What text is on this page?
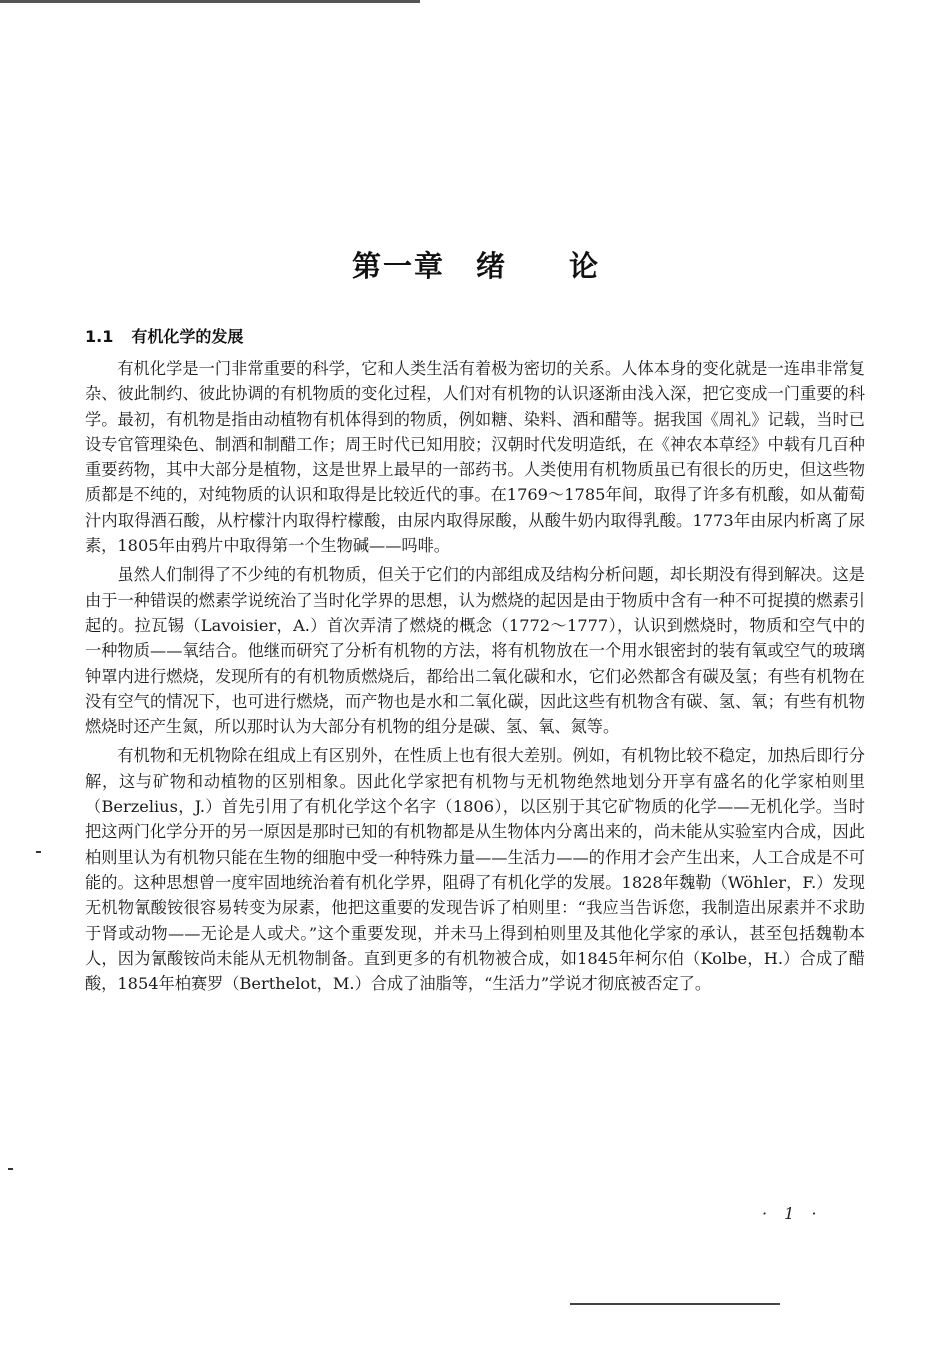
第一章　绪　　论
1.1 有机化学的发展

有机化学是一门非常重要的科学，它和人类生活有着极为密切的关系。人体本身的变化就是一连串非常复杂、彼此制约、彼此协调的有机物质的变化过程，人们对有机物的认识逐渐由浅入深，把它变成一门重要的科学。最初，有机物是指由动植物有机体得到的物质，例如糖、染料、酒和醋等。据我国《周礼》记载，当时已设专官管理染色、制酒和制醋工作；周王时代已知用胶；汉朝时代发明造纸，在《神农本草经》中载有几百种重要药物，其中大部分是植物，这是世界上最早的一部药书。人类使用有机物质虽已有很长的历史，但这些物质都是不纯的，对纯物质的认识和取得是比较近代的事。在1769～1785年间，取得了许多有机酸，如从葡萄汁内取得酒石酸，从柠檬汁内取得柠檬酸，由尿内取得尿酸，从酸牛奶内取得乳酸。1773年由尿内析离了尿素，1805年由鸦片中取得第一个生物碱——吗啡。

虽然人们制得了不少纯的有机物质，但关于它们的内部组成及结构分析问题，却长期没有得到解决。这是由于一种错误的燃素学说统治了当时化学界的思想，认为燃烧的起因是由于物质中含有一种不可捉摸的燃素引起的。拉瓦锡（Lavoisier，A.）首次弄清了燃烧的概念（1772～1777），认识到燃烧时，物质和空气中的一种物质——氧结合。他继而研究了分析有机物的方法，将有机物放在一个用水银密封的装有氧或空气的玻璃钟罩内进行燃烧，发现所有的有机物质燃烧后，都给出二氧化碳和水，它们必然都含有碳及氢；有些有机物在没有空气的情况下，也可进行燃烧，而产物也是水和二氧化碳，因此这些有机物含有碳、氢、氧；有些有机物燃烧时还产生氮，所以那时认为大部分有机物的组分是碳、氢、氧、氮等。

有机物和无机物除在组成上有区别外，在性质上也有很大差别。例如，有机物比较不稳定，加热后即行分解，这与矿物和动植物的区别相象。因此化学家把有机物与无机物绝然地划分开享有盛名的化学家柏则里（Berzelius，J.）首先引用了有机化学这个名字（1806），以区别于其它矿物质的化学——无机化学。当时把这两门化学分开的另一原因是那时已知的有机物都是从生物体内分离出来的，尚未能从实验室内合成，因此柏则里认为有机物只能在生物的细胞中受一种特殊力量——生活力——的作用才会产生出来，人工合成是不可能的。这种思想曾一度牢固地统治着有机化学界，阻碍了有机化学的发展。1828年魏勒（Wöhler，F.）发现无机物氰酸铵很容易转变为尿素，他把这重要的发现告诉了柏则里：“我应当告诉您，我制造出尿素并不求助于肾或动物——无论是人或犬。”这个重要发现，并未马上得到柏则里及其他化学家的承认，甚至包括魏勒本人，因为氰酸铵尚未能从无机物制备。直到更多的有机物被合成，如1845年柯尔伯（Kolbe，H.）合成了醋酸，1854年柏赛罗（Berthelot，M.）合成了油脂等，“生活力”学说才彻底被否定了。

· 1 ·
